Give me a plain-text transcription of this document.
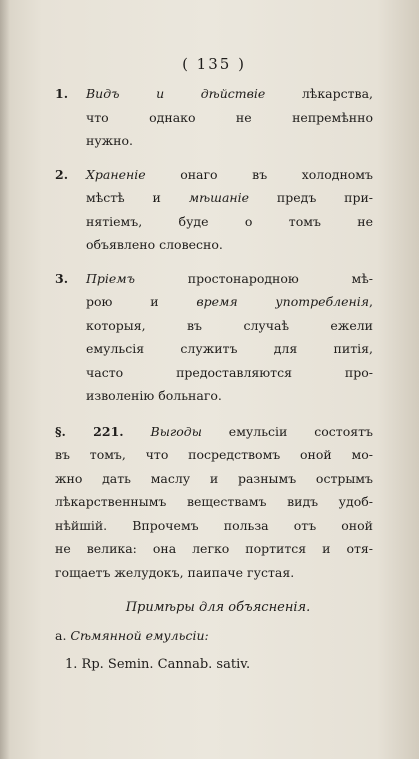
( 135 )
1. Видъ и дѣйствіе лѣкарства,
что однако не непремѣнно
нужно.
2. Храненіе онаго въ холодномъ
мѣстѣ и мѣшаніе предъ при-
нятіемъ, буде о томъ не
объявлено словесно.
3. Пріемъ простонародною мѣ-
рою и время употребленія,
которыя, въ случаѣ ежели
емульсія служитъ для питія,
часто предоставляются про-
изволенію больнаго.
§. 221. Выгоды емульсіи состоятъ
въ томъ, что посредствомъ оной мо-
жно дать маслу и разнымъ острымъ
лѣкарственнымъ веществамъ видъ удоб-
нѣйшій. Впрочемъ польза отъ оной
не велика: она легко портится и отя-
гощаетъ желудокъ, паипаче густая.
Примѣры для объясненія.
a. Сѣмянной емульсіи:
1. Rp. Semin. Cannab. sativ.
